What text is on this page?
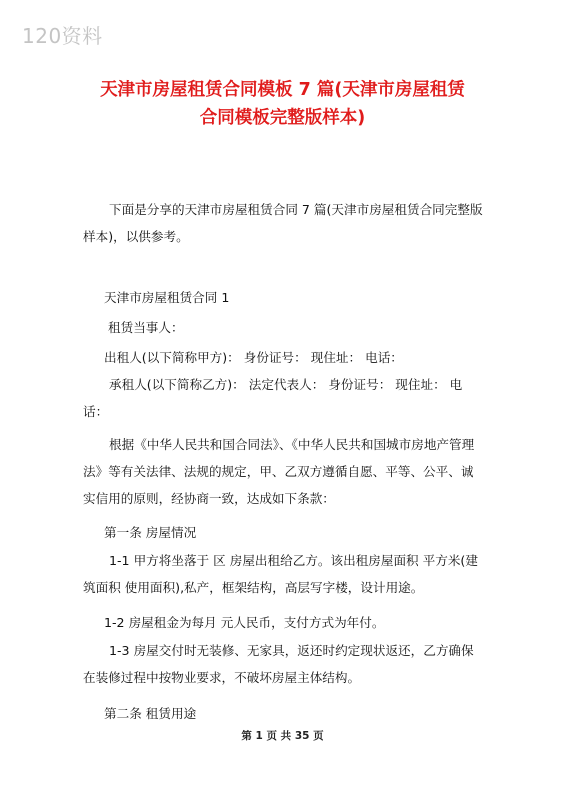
120资料
天津市房屋租赁合同模板 7 篇(天津市房屋租赁
合同模板完整版样本)

下面是分享的天津市房屋租赁合同 7 篇(天津市房屋租赁合同完整版样本)，以供参考。

天津市房屋租赁合同 1
租赁当事人：
出租人(以下简称甲方)： 身份证号： 现住址： 电话：

承租人(以下简称乙方)： 法定代表人： 身份证号： 现住址： 电话：

根据《中华人民共和国合同法》、《中华人民共和国城市房地产管理法》等有关法律、法规的规定，甲、乙双方遵循自愿、平等、公平、诚实信用的原则，经协商一致，达成如下条款：

第一条 房屋情况

1-1 甲方将坐落于 区 房屋出租给乙方。该出租房屋面积 平方米(建筑面积 使用面积),私产，框架结构，高层写字楼，设计用途。

1-2 房屋租金为每月 元人民币，支付方式为年付。

1-3 房屋交付时无装修、无家具，返还时约定现状返还，乙方确保在装修过程中按物业要求，不破坏房屋主体结构。

第二条 租赁用途
第 1 页 共 35 页
